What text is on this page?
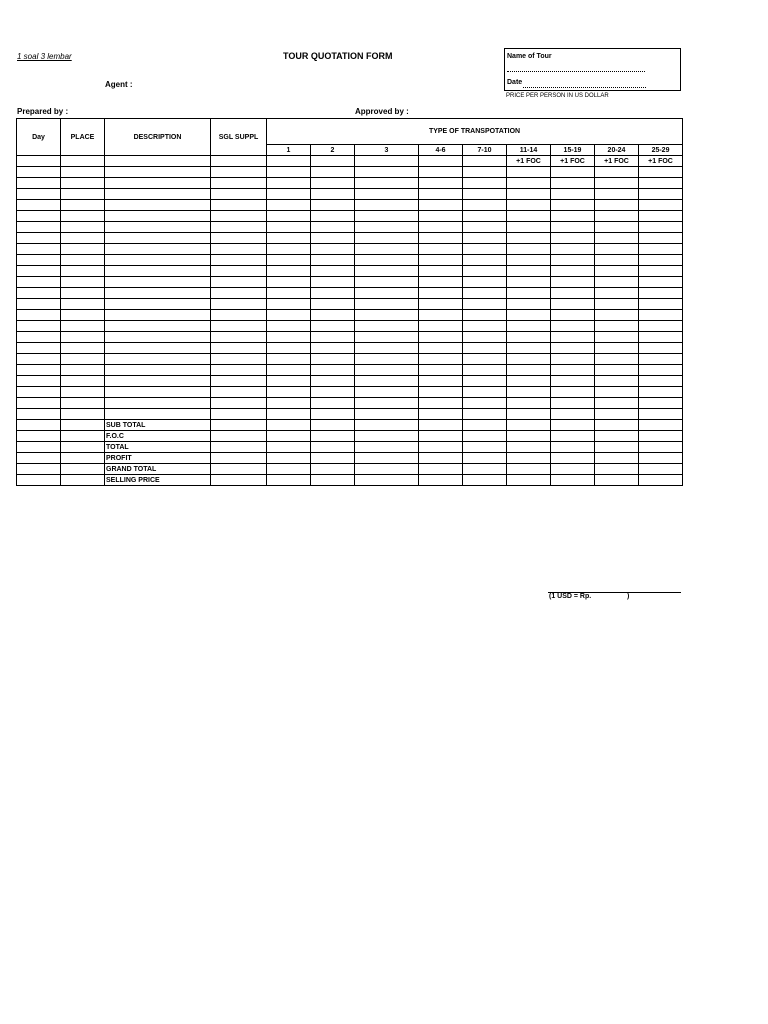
1 soal 3 lembar	TOUR QUOTATION FORM
Agent :
Prepared by :	Approved by :
Name of Tour
Date
PRICE PER PERSON IN US DOLLAR
Day	PLACE	DESCRIPTION	SGL SUPPL	TYPE OF TRANSPOTATION								
				1	2	3	4-6	7-10	11-14	15-19	20-24	25-29
									+1 FOC	+1 FOC	+1 FOC	+1 FOC

		SUB TOTAL										
		F.O.C										
		TOTAL										
		PROFIT										
		GRAND TOTAL										
		SELLING PRICE										
(1 USD = Rp.	)
